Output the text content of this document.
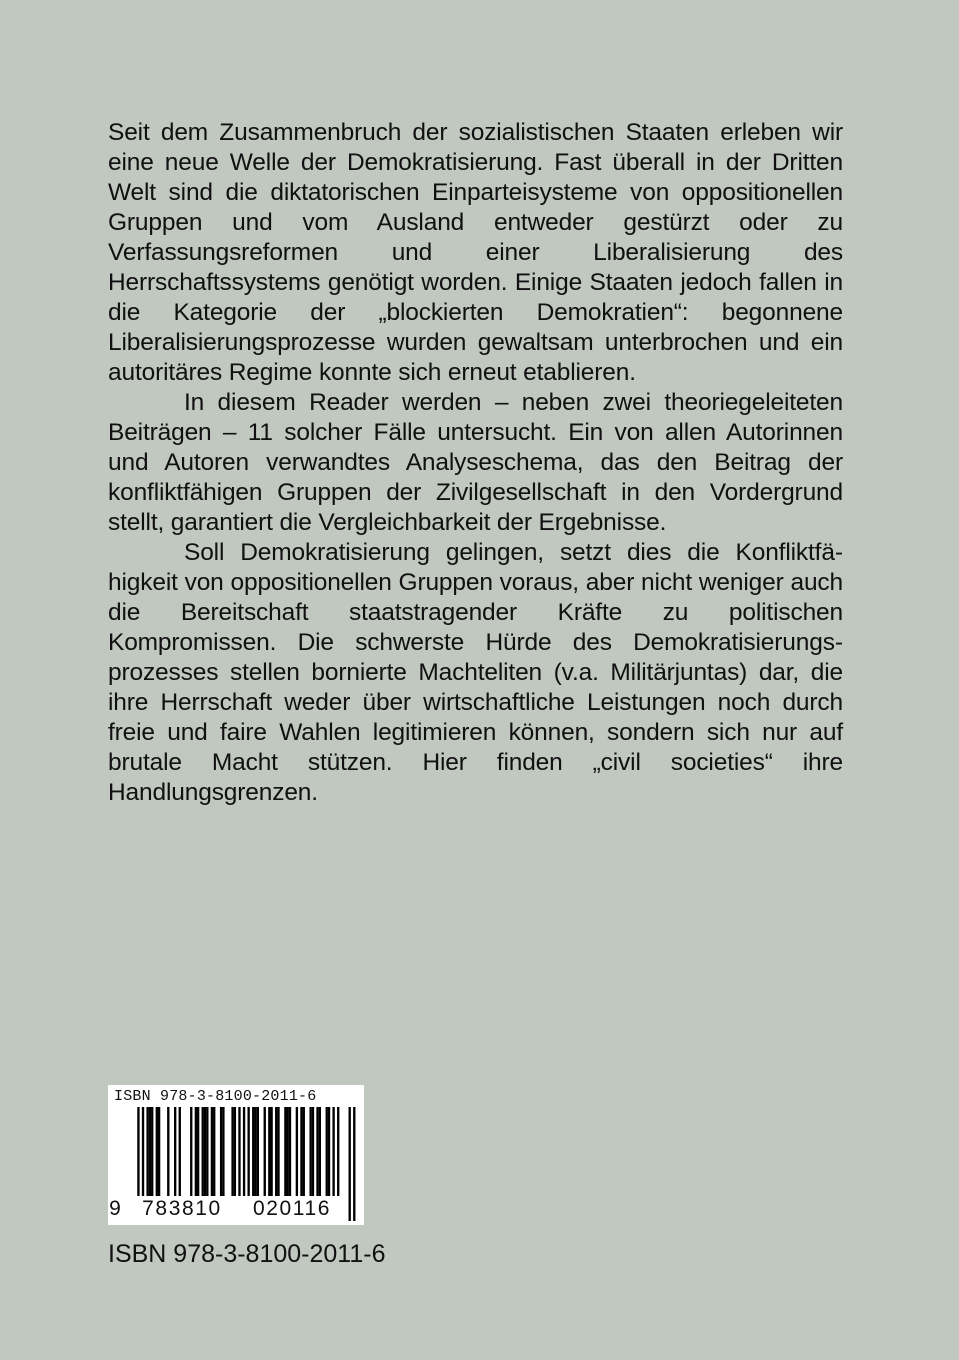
Seit dem Zusammenbruch der sozialistischen Staaten erleben wir eine neue Welle der Demokratisierung. Fast überall in der Dritten Welt sind die diktatorischen Einparteisysteme von oppositionellen Gruppen und vom Ausland entweder gestürzt oder zu Verfassungsreformen und einer Liberalisierung des Herrschaftssystems genötigt worden. Einige Staaten jedoch fallen in die Kategorie der „blockierten Demokratien“: begonnene Liberalisierungsprozesse wurden gewaltsam unterbrochen und ein autoritäres Regime konnte sich erneut etablieren.

In diesem Reader werden – neben zwei theoriegeleiteten Beiträgen – 11 solcher Fälle untersucht. Ein von allen Autorinnen und Autoren verwandtes Analyseschema, das den Beitrag der konfliktfähigen Gruppen der Zivilgesellschaft in den Vordergrund stellt, garantiert die Vergleichbarkeit der Ergebnisse.

Soll Demokratisierung gelingen, setzt dies die Konfliktfähigkeit von oppositionellen Gruppen voraus, aber nicht weniger auch die Bereitschaft staatstragender Kräfte zu politischen Kompromissen. Die schwerste Hürde des Demokratisierungsprozesses stellen bornierte Machteliten (v.a. Militärjuntas) dar, die ihre Herrschaft weder über wirtschaftliche Leistungen noch durch freie und faire Wahlen legitimieren können, sondern sich nur auf brutale Macht stützen. Hier finden „civil societies“ ihre Handlungsgrenzen.

ISBN 978-3-8100-2011-6
9	783810	020116
ISBN 978-3-8100-2011-6
